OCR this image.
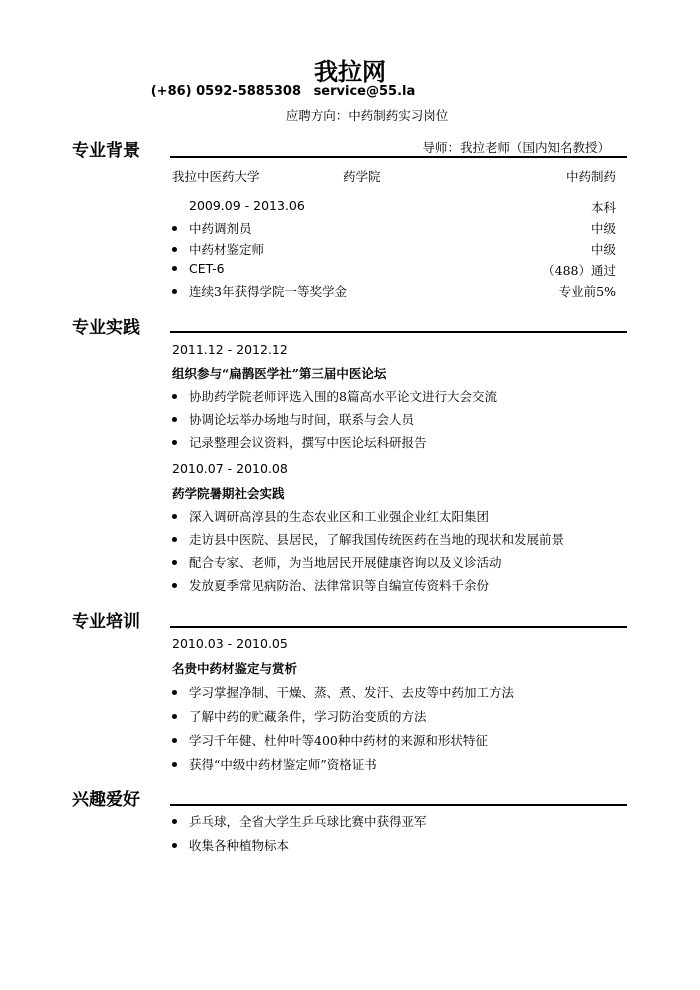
我拉网
(+86) 0592-5885308 service@55.la
应聘方向：中药制药实习岗位
专业背景	导师：我拉老师（国内知名教授）
我拉中医药大学	药学院	中药制药
2009.09 - 2013.06	本科
中药调剂员	中级
中药材鉴定师	中级
CET-6	（488）通过
连续3年获得学院一等奖学金	专业前5%
专业实践
2011.12 - 2012.12
组织参与“扁鹊医学社”第三届中医论坛
协助药学院老师评选入围的8篇高水平论文进行大会交流
协调论坛举办场地与时间，联系与会人员
记录整理会议资料，撰写中医论坛科研报告
2010.07 - 2010.08
药学院暑期社会实践
深入调研高淳县的生态农业区和工业强企业红太阳集团
走访县中医院、县居民，了解我国传统医药在当地的现状和发展前景
配合专家、老师，为当地居民开展健康咨询以及义诊活动
发放夏季常见病防治、法律常识等自编宣传资料千余份
专业培训
2010.03 - 2010.05
名贵中药材鉴定与赏析
学习掌握净制、干燥、蒸、煮、发汗、去皮等中药加工方法
了解中药的贮藏条件，学习防治变质的方法
学习千年健、杜仲叶等400种中药材的来源和形状特征
获得“中级中药材鉴定师”资格证书
兴趣爱好
乒乓球，全省大学生乒乓球比赛中获得亚军
收集各种植物标本
